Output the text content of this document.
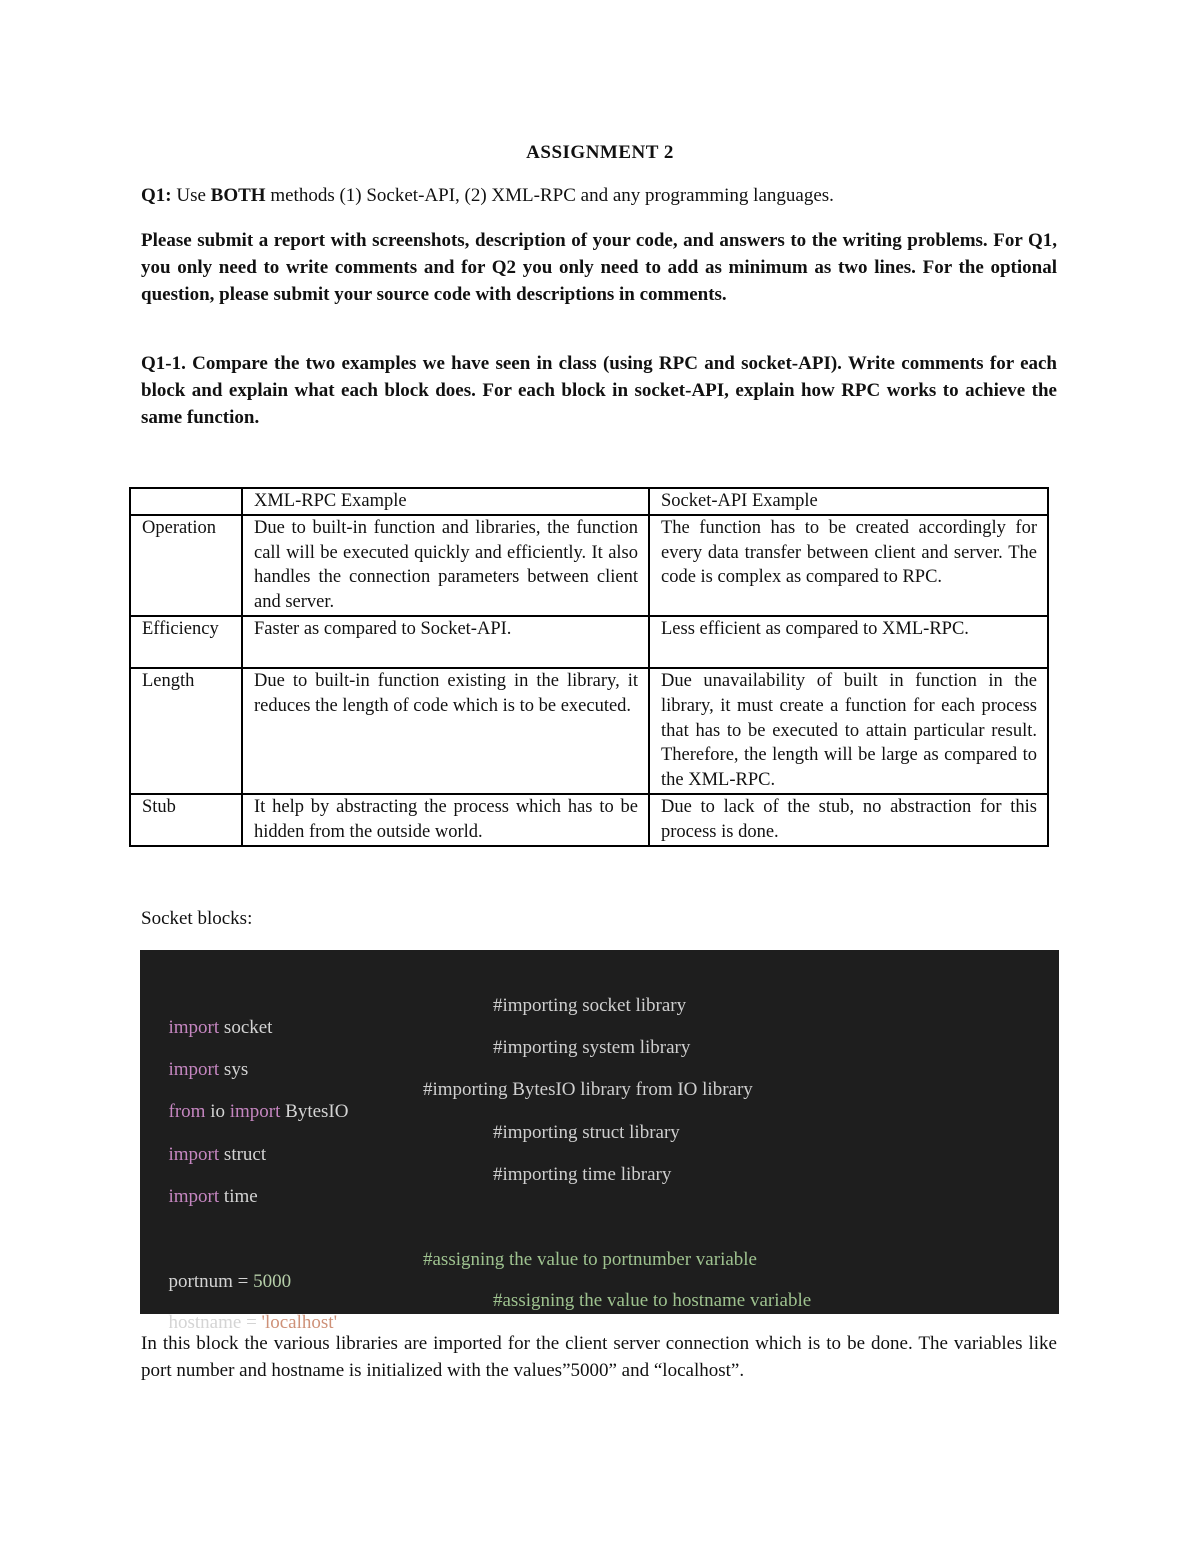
ASSIGNMENT 2
Q1: Use BOTH methods (1) Socket-API, (2) XML-RPC and any programming languages.
Please submit a report with screenshots, description of your code, and answers to the writing problems. For Q1, you only need to write comments and for Q2 you only need to add as minimum as two lines. For the optional question, please submit your source code with descriptions in comments.
Q1-1. Compare the two examples we have seen in class (using RPC and socket-API). Write comments for each block and explain what each block does. For each block in socket-API, explain how RPC works to achieve the same function.
	XML-RPC Example	Socket-API Example
Operation	Due to built-in function and libraries, the function call will be executed quickly and efficiently. It also handles the connection parameters between client and server.	The function has to be created accordingly for every data transfer between client and server. The code is complex as compared to RPC.
Efficiency	Faster as compared to Socket-API.	Less efficient as compared to XML-RPC.
Length	Due to built-in function existing in the library, it reduces the length of code which is to be executed.	Due unavailability of built in function in the library, it must create a function for each process that has to be executed to attain particular result. Therefore, the length will be large as compared to the XML-RPC.
Stub	It help by abstracting the process which has to be hidden from the outside world.	Due to lack of the stub, no abstraction for this process is done.
Socket blocks:

import socket

#importing socket library

import sys

#importing system library

from io import BytesIO

#importing BytesIO library from IO library

import struct

#importing struct library

import time

#importing time library

portnum = 5000

#assigning the value to portnumber variable

hostname = 'localhost'

#assigning the value to hostname variable
In this block the various libraries are imported for the client server connection which is to be done. The variables like port number and hostname is initialized with the values”5000” and “localhost”.
